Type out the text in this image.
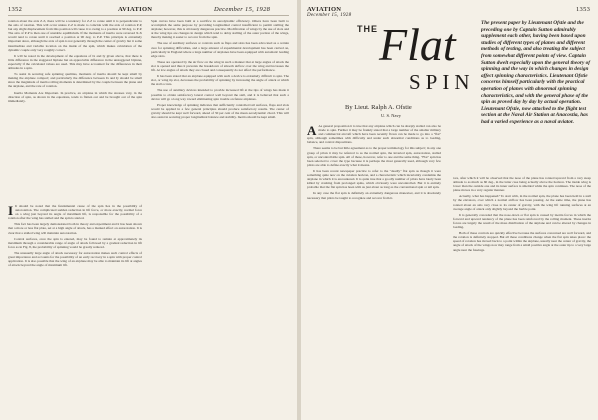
1352	AVIATION	December 15, 1928

rotation about the axis Z-Z, there will be a tendency for Z-Z to rotate until it is perpendicular to the axis of rotation. This will occur unless Z-Z is made to coincide with the axis of rotation P-P, but any slight displacement from this position will cause it to swing to a position at 90 deg. to P-P. The axis of P-P is then one of unstable equilibrium. If the moments of inertia were reversed X-X would tend to rotate until it reached a position at 90 deg. to P-P. This principle is extremely important since, although the axis of spin is not generally through the center of gravity but it some intermediate and variable location on the inside of the spin, which makes calculation of the dynamic couple only very roughly correct.

It will be noted in the development of the equations of Ix and Iy given above, that there is little difference in the staggered biplane but an appreciable difference in the unstaggered biplane, especially if the calculated values are used. This may have accounted for the differences in their attitudes in a spin.

To assist in securing safe spinning qualities, moments of inertia should be kept small by making the airplane compact; and particularly the difference between Ix and Iy should be small since the magnitude of inertia rolling moments is determined by the couple between the plane and the airplane, and the rate of rotation.

Inertia Moments Are Important. In practice, an airplane in which the stresses vary, in the direction of spin, as shown in the equations, tends to flatten out and be brought out of the spin immediately.

I It should be noted that the fundamental cause of the spin lies in the possibility of autorotation. The complicated sudden reduction in lift force, or more exactly, normal force on a wing just beyond its angle of maximum lift, is responsible for the possibility of a rotation after the wing has stalled and the spin is started.

This fact has been largely demonstrated both in theory and experiment and it has been shown that a more or less flat plate, set at a high angle of attack, has a marked effect on autorotation. It is clear that a stalled wing will maintain autorotation.

Control surfaces, once the spin is entered, may be found to remain at approximately its maximum through a considerable range of angle of attack followed by a gradual reduction in lift force as in Fig. 8, the probability of spinning would be greatly reduced.

The unusually large angle of attack necessary for autorotation makes such control effects of great importance and accounts for the possibility of an early recovery in a spin with proper control application. It is also possible that the wing of an airplane may be able to maintain its lift at angles of attack beyond the angle of maximum lift.

Spin curves have been built at a sacrifice in aerodynamic efficiency. Others have been built to accomplish the same purpose by providing longitudinal control insufficient to permit stalling the airplane; however, this is obviously dangerous practice. Modification of wings by the use of slots and at the wing tips are changes in design which tend to delay stalling of the outer portion of the wings, thereby making it easier to recover from the spin.

The use of auxiliary surfaces or controls such as flaps and slots has been advocated as a certain cure for spinning difficulties, and a large amount of experimental development has been carried on, particularly in England where a large number of airplanes have been equipped with automatic leading edge slots.

These are operated by the air flow on the wing in such a manner that at large angles of attack the slot is opened and thus it prevents the breakdown of smooth airflow over the wing and increases the lift. At low angles of attack they are closed and consequently do not affect the performance.

It has been stated that an airplane equipped with such a device is extremely difficult to spin. The slot, or wing tip slot, decreases the probability of spinning by increasing the angle of attack at which the stall occurs.

The use of auxiliary devices intended to provide increased lift at the tips of wings has made it possible to obtain satisfactory lateral control well beyond the stall, and it is believed that such a device will go a long way toward eliminating spin trouble on future airplanes.

Proper knowledge of spinning indicates that sufficiently controlled tail surfaces, flaps and slots would be applied in a few general principles should produce satisfactory results. The center of gravity should be kept well forward, ahead of 30 per cent of the mean aerodynamic chord. This will also assist in securing proper longitudinal balance and stability. Inertia should be kept small.

AVIATION
December 15, 1928
1353
THE Flat
SPIN
By Lieut. Ralph A. Ofstie
U. S. Navy
The present paper by Lieutenant Ofstie and the preceding one by Captain Sutton admirably supplement each other, having been based upon studies of different types of planes and different methods of testing, and also treating the subject from somewhat different points of view. Captain Sutton dwelt especially upon the general theory of spinning and the way in which changes in design affect spinning characteristics. Lieutenant Ofstie concerns himself particularly with the practical operation of planes with abnormal spinning characteristics, and with the general phase of the spin as proved day by day by actual operation. Lieutenant Ofstie, now attached to the flight test section at the Naval Air Station at Anacostia, has had a varied experience as a naval aviator.
A As general proposition it is true that any airplane which can be sharply stalled can also be made to spin. Further it may be frankly stated that a large number of the smaller military and commercial aircraft which have been recently flown can be made to go into a "flat" spin, although sometimes with difficulty and under such abnormal conditions as to loading, balance, and control dispositions.

There seems to be but little agreement as to the proper terminology for this subject; in any one group of pilots it may be referred to as the normal spin, the inverted spin, autorotation, stalled spin, or uncontrollable spin. All of these, however, refer to one and the same thing. "Flat" spin has been selected to cover the type because it is perhaps the most generally used, although very few pilots are able to define exactly what it means.

It has been recent newspaper practice to refer to the "deadly" flat spin as though it were something quite new on the aviation horizon, and a characteristic which incertainly condemns the airplane in which it is encountered. It is quite true that a goodly number of pilots have lately been killed by crashing from prolonged spins, which obviously were uncontrolled. But it is entirely probable that the flat spin has been with us just about as long as the conventional spin or tail spin.

In any case the flat spin is definitely an extremely dangerous maneuver, and it is absolutely necessary that pilots be taught to recognize and recover from it.

tors, after which it will be observed that the nose of the plane has rotated upward from a very steep attitude to as much as 60 deg., in the latter case being actually above the horizon. The inside wing is lower than the outside one and its inner surface is shielded while the spin continues. The nose of the plane moves in a very regular manner.

Actually, what has happened? To start with, in the normal spin, the plane has been held in a stall by the elevators, over which a normal airflow has been passing. At the same time, the plane has rotated about an axis very close to its center of gravity, with the wing lift running surfaces at an average angle of attack only slightly beyond the burble point.

It is generally conceded that the nose-down or flat spin is caused by inertia forces in which the forward and upward tendency of the plane has been reinforced by the rolling moment. These inertia forces are largely the result of the mass distribution of the airplane and can be altered by changes in loading.

Both of these controls are quickly effective because the surfaces concerned are well forward, and the rotation is definitely stopped. But all these conditions change when the flat spin takes place: the speed of rotation has moved back to a point within the airplane, usually near the center of gravity, the angle of attack of the wings now may range from a small positive angle at the outer tip to a very large angle near the fuselage.
